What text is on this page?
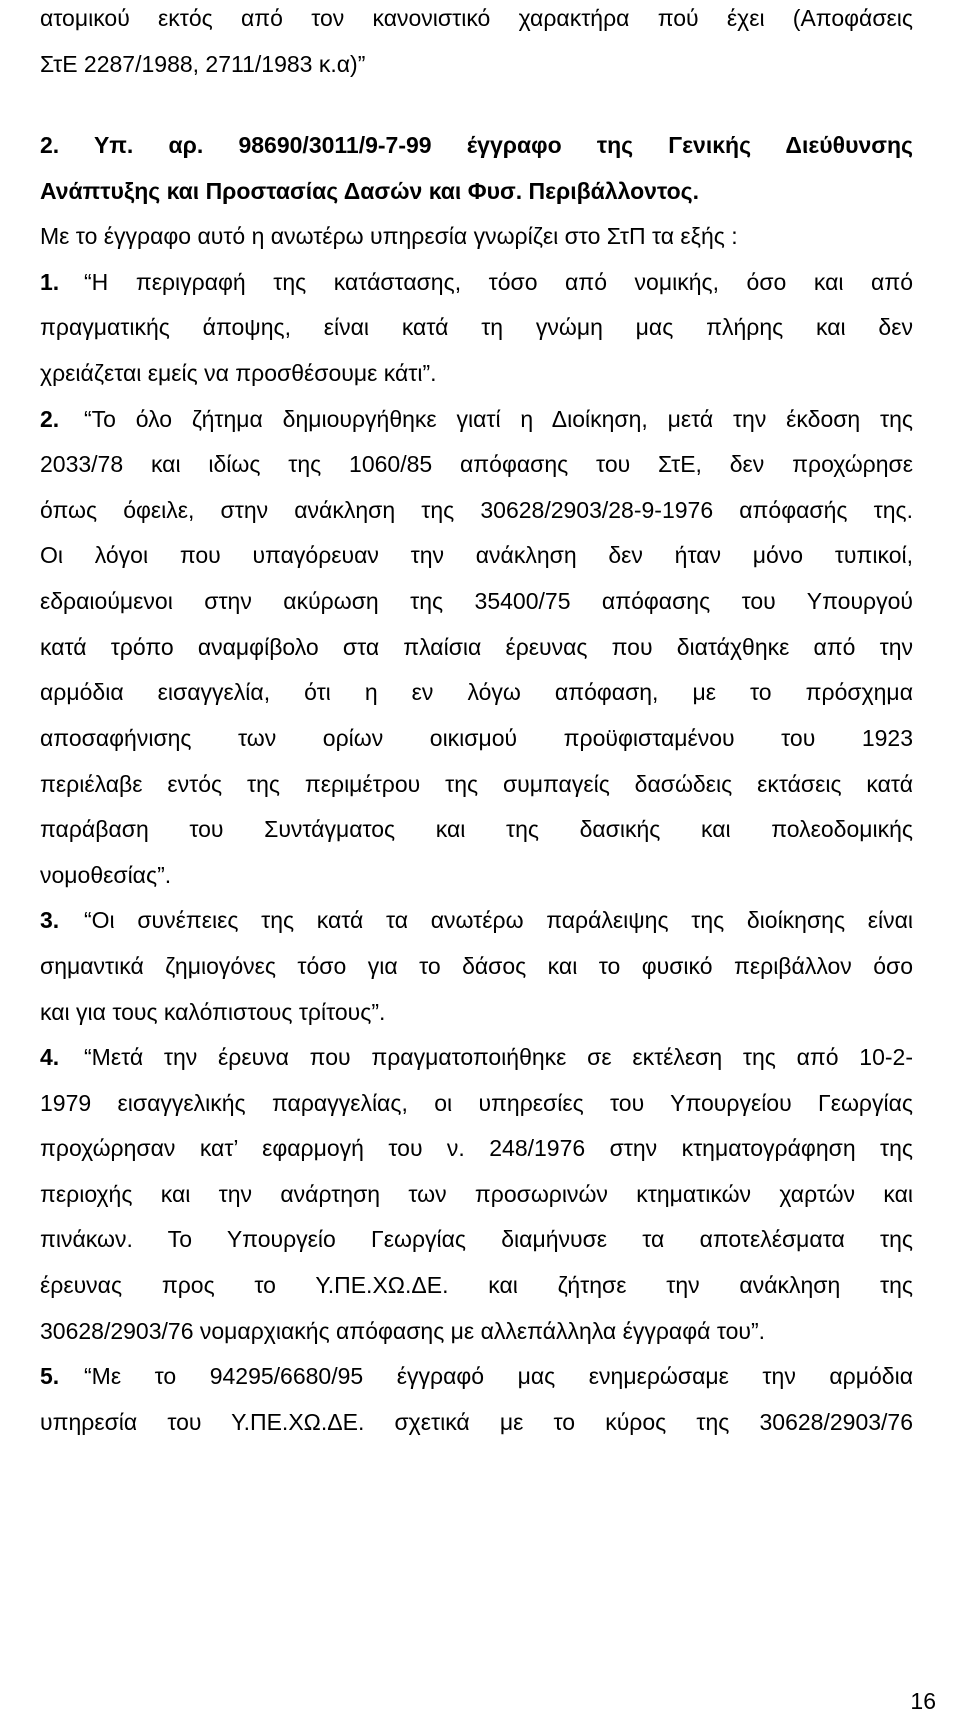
ατομικού εκτός από τον κανονιστικό χαρακτήρα πού έχει (Αποφάσεις
ΣτΕ 2287/1988, 2711/1983 κ.α)”
2. Υπ. αρ. 98690/3011/9-7-99 έγγραφο της Γενικής Διεύθυνσης
Ανάπτυξης και Προστασίας Δασών και Φυσ. Περιβάλλοντος.
Με το έγγραφο αυτό η ανωτέρω υπηρεσία γνωρίζει στο ΣτΠ τα εξής :
1. “Η περιγραφή της κατάστασης, τόσο από νομικής, όσο και από
πραγματικής άποψης, είναι κατά τη γνώμη μας πλήρης και δεν
χρειάζεται εμείς να προσθέσουμε κάτι”.
2. “Το όλο ζήτημα δημιουργήθηκε γιατί η Διοίκηση, μετά την έκδοση της
2033/78 και ιδίως της 1060/85 απόφασης του ΣτΕ, δεν προχώρησε
όπως όφειλε, στην ανάκληση της 30628/2903/28-9-1976 απόφασής της.
Οι λόγοι που υπαγόρευαν την ανάκληση δεν ήταν μόνο τυπικοί,
εδραιούμενοι στην ακύρωση της 35400/75 απόφασης του Υπουργού
κατά τρόπο αναμφίβολο στα πλαίσια έρευνας που διατάχθηκε από την
αρμόδια εισαγγελία, ότι η εν λόγω απόφαση, με το πρόσχημα
αποσαφήνισης των ορίων οικισμού προϋφισταμένου του 1923
περιέλαβε εντός της περιμέτρου της συμπαγείς δασώδεις εκτάσεις κατά
παράβαση του Συντάγματος και της δασικής και πολεοδομικής
νομοθεσίας”.
3. “Οι συνέπειες της κατά τα ανωτέρω παράλειψης της διοίκησης είναι
σημαντικά ζημιογόνες τόσο για το δάσος και το φυσικό περιβάλλον όσο
και για τους καλόπιστους τρίτους”.
4. “Μετά την έρευνα που πραγματοποιήθηκε σε εκτέλεση της από 10-2-
1979 εισαγγελικής παραγγελίας, οι υπηρεσίες του Υπουργείου Γεωργίας
προχώρησαν κατ’ εφαρμογή του ν. 248/1976 στην κτηματογράφηση της
περιοχής και την ανάρτηση των προσωρινών κτηματικών χαρτών και
πινάκων. Το Υπουργείο Γεωργίας διαμήνυσε τα αποτελέσματα της
έρευνας προς το Υ.ΠΕ.ΧΩ.ΔΕ. και ζήτησε την ανάκληση της
30628/2903/76 νομαρχιακής απόφασης με αλλεπάλληλα έγγραφά του”.
5. “Με το 94295/6680/95 έγγραφό μας ενημερώσαμε την αρμόδια
υπηρεσία του Υ.ΠΕ.ΧΩ.ΔΕ. σχετικά με το κύρος της 30628/2903/76
16
